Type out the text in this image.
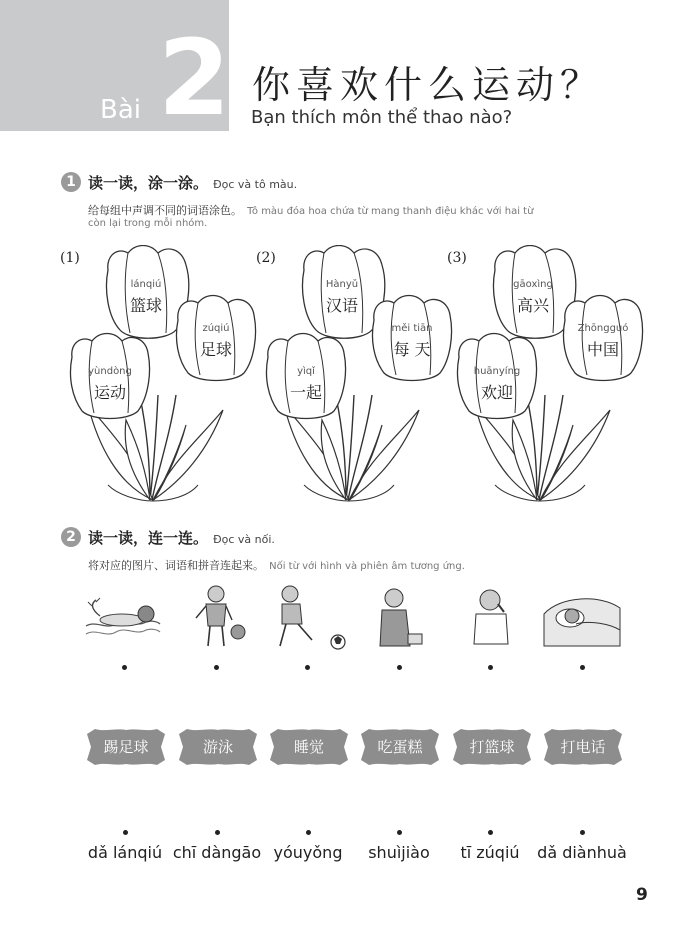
Bài 2 你喜欢什么运动？
Bạn thích môn thể thao nào?
1 读一读，涂一涂。 Đọc và tô màu.
给每组中声调不同的词语涂色。 Tô màu đóa hoa chứa từ mang thanh điệu khác với hai từ
còn lại trong mỗi nhóm.
(1)
lánqiú
篮球
zúqiú
足球
yùndòng
运动
(2)
Hànyǔ
汉语
měi tiān
每 天
yìqǐ
一起
(3)
gāoxìng
高兴
Zhōngguó
中国
huānyíng
欢迎
2 读一读，连一连。 Đọc và nối.
将对应的图片、词语和拼音连起来。 Nối từ với hình và phiên âm tương ứng.
踢足球	游泳	睡觉	吃蛋糕	打篮球	打电话
dǎ lánqiú chī dàngāo yóuyǒng	shuìjiào	tī zúqiú	dǎ diànhuà
9
